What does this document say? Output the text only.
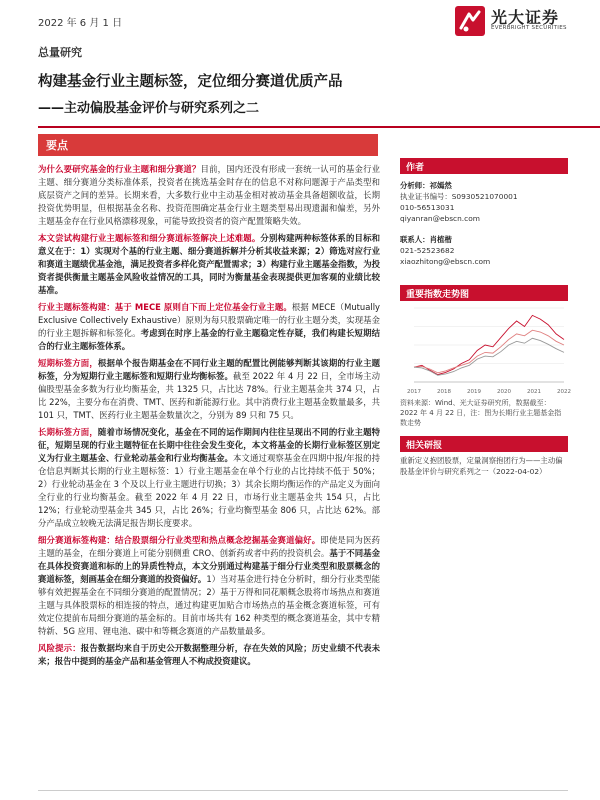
2022 年 6 月 1 日	光大证券
EVERBRIGHT SECURITIES
总量研究
构建基金行业主题标签，定位细分赛道优质产品
——主动偏股基金评价与研究系列之二
要点

为什么要研究基金的行业主题和细分赛道？目前，国内还没有形成一套统一认可的基金行业主题、细分赛道分类标准体系，投资者在挑选基金时存在的信息不对称问题源于产品类型和底层资产之间的差异。长期来看，大多数行业中主动基金相对被动基金具备超额收益，长期投资优势明显，但根据基金名称、投资范围确定基金行业主题类型易出现遗漏和偏差，另外主题基金存在行业风格漂移现象，可能导致投资者的资产配置策略失效。

本文尝试构建行业主题标签和细分赛道标签解决上述难题。分别构建两种标签体系的目标和意义在于：1）实现对个基的行业主题、细分赛道拆解并分析其收益来源；2）筛选对应行业和赛道主题绩优基金池，满足投资者多样化资产配置需求；3）构建行业主题基金指数，为投资者提供衡量主题基金风险收益情况的工具，同时为衡量基金表现提供更加客观的业绩比较基准。

行业主题标签构建：基于 MECE 原则自下而上定位基金行业主题。根据 MECE（Mutually Exclusive Collectively Exhaustive）原则为每只股票确定唯一的行业主题分类，实现基金的行业主题拆解和标签化。考虑到在时序上基金的行业主题稳定性存疑，我们构建长短期结合的行业主题标签体系。

短期标签方面，根据单个报告期基金在不同行业主题的配置比例能够判断其该期的行业主题标签，分为短期行业主题标签和短期行业均衡标签。截至 2022 年 4 月 22 日，全市场主动偏股型基金多数为行业均衡基金，共 1325 只，占比达 78%。行业主题基金共 374 只，占比 22%，主要分布在消费、TMT、医药和新能源行业。其中消费行业主题基金数量最多，共 101 只，TMT、医药行业主题基金数量次之，分别为 89 只和 75 只。

长期标签方面，随着市场情况变化，基金在不同的运作期间内往往呈现出不同的行业主题特征，短期呈现的行业主题特征在长期中往往会发生变化，本文将基金的长期行业标签区别定义为行业主题基金、行业轮动基金和行业均衡基金。本文通过观察基金在四期中报/年报的持仓信息判断其长期的行业主题标签：1）行业主题基金在单个行业的占比持续不低于 50%；2）行业轮动基金在 3 个及以上行业主题进行切换；3）其余长期均衡运作的产品定义为面向全行业的行业均衡基金。截至 2022 年 4 月 22 日，市场行业主题基金共 154 只，占比 12%；行业轮动型基金共 345 只，占比 26%；行业均衡型基金 806 只，占比达 62%。部分产品成立较晚无法满足报告期长度要求。

细分赛道标签构建：结合股票细分行业类型和热点概念挖掘基金赛道偏好。即使是同为医药主题的基金，在细分赛道上可能分别侧重 CRO、创新药或者中药的投资机会。基于不同基金在具体投资赛道和标的上的异质性特点，本文分别通过构建基于细分行业类型和股票概念的赛道标签，刻画基金在细分赛道的投资偏好。1）当对基金进行持仓分析时，细分行业类型能够有效把握基金在不同细分赛道的配置情况；2）基于万得和同花顺概念股将市场热点和赛道主题与具体股票标的相连接的特点，通过构建更加贴合市场热点的基金概念赛道标签，可有效定位提前布局细分赛道的基金标的。目前市场共有 162 种类型的概念赛道基金，其中专精特新、5G 应用、锂电池、碳中和等概念赛道的产品数量最多。

风险提示：报告数据均来自于历史公开数据整理分析，存在失效的风险；历史业绩不代表未来；报告中提到的基金产品和基金管理人不构成投资建议。

作者
分析师：祁嫣然
执业证书编号：S0930521070001
010-56513031
qiyanran@ebscn.com
联系人：肖植楷
021-52523682
xiaozhitong@ebscn.com
重要指数走势图
2017	2018	2019	2020	2021	2022
资料来源：Wind、光大证券研究所，数据截至：2022 年 4 月 22 日，注：图为长期行业主题基金指数走势
相关研报
重新定义抱团股票，定量洞察抱团行为——主动偏股基金评价与研究系列之一（2022-04-02）
